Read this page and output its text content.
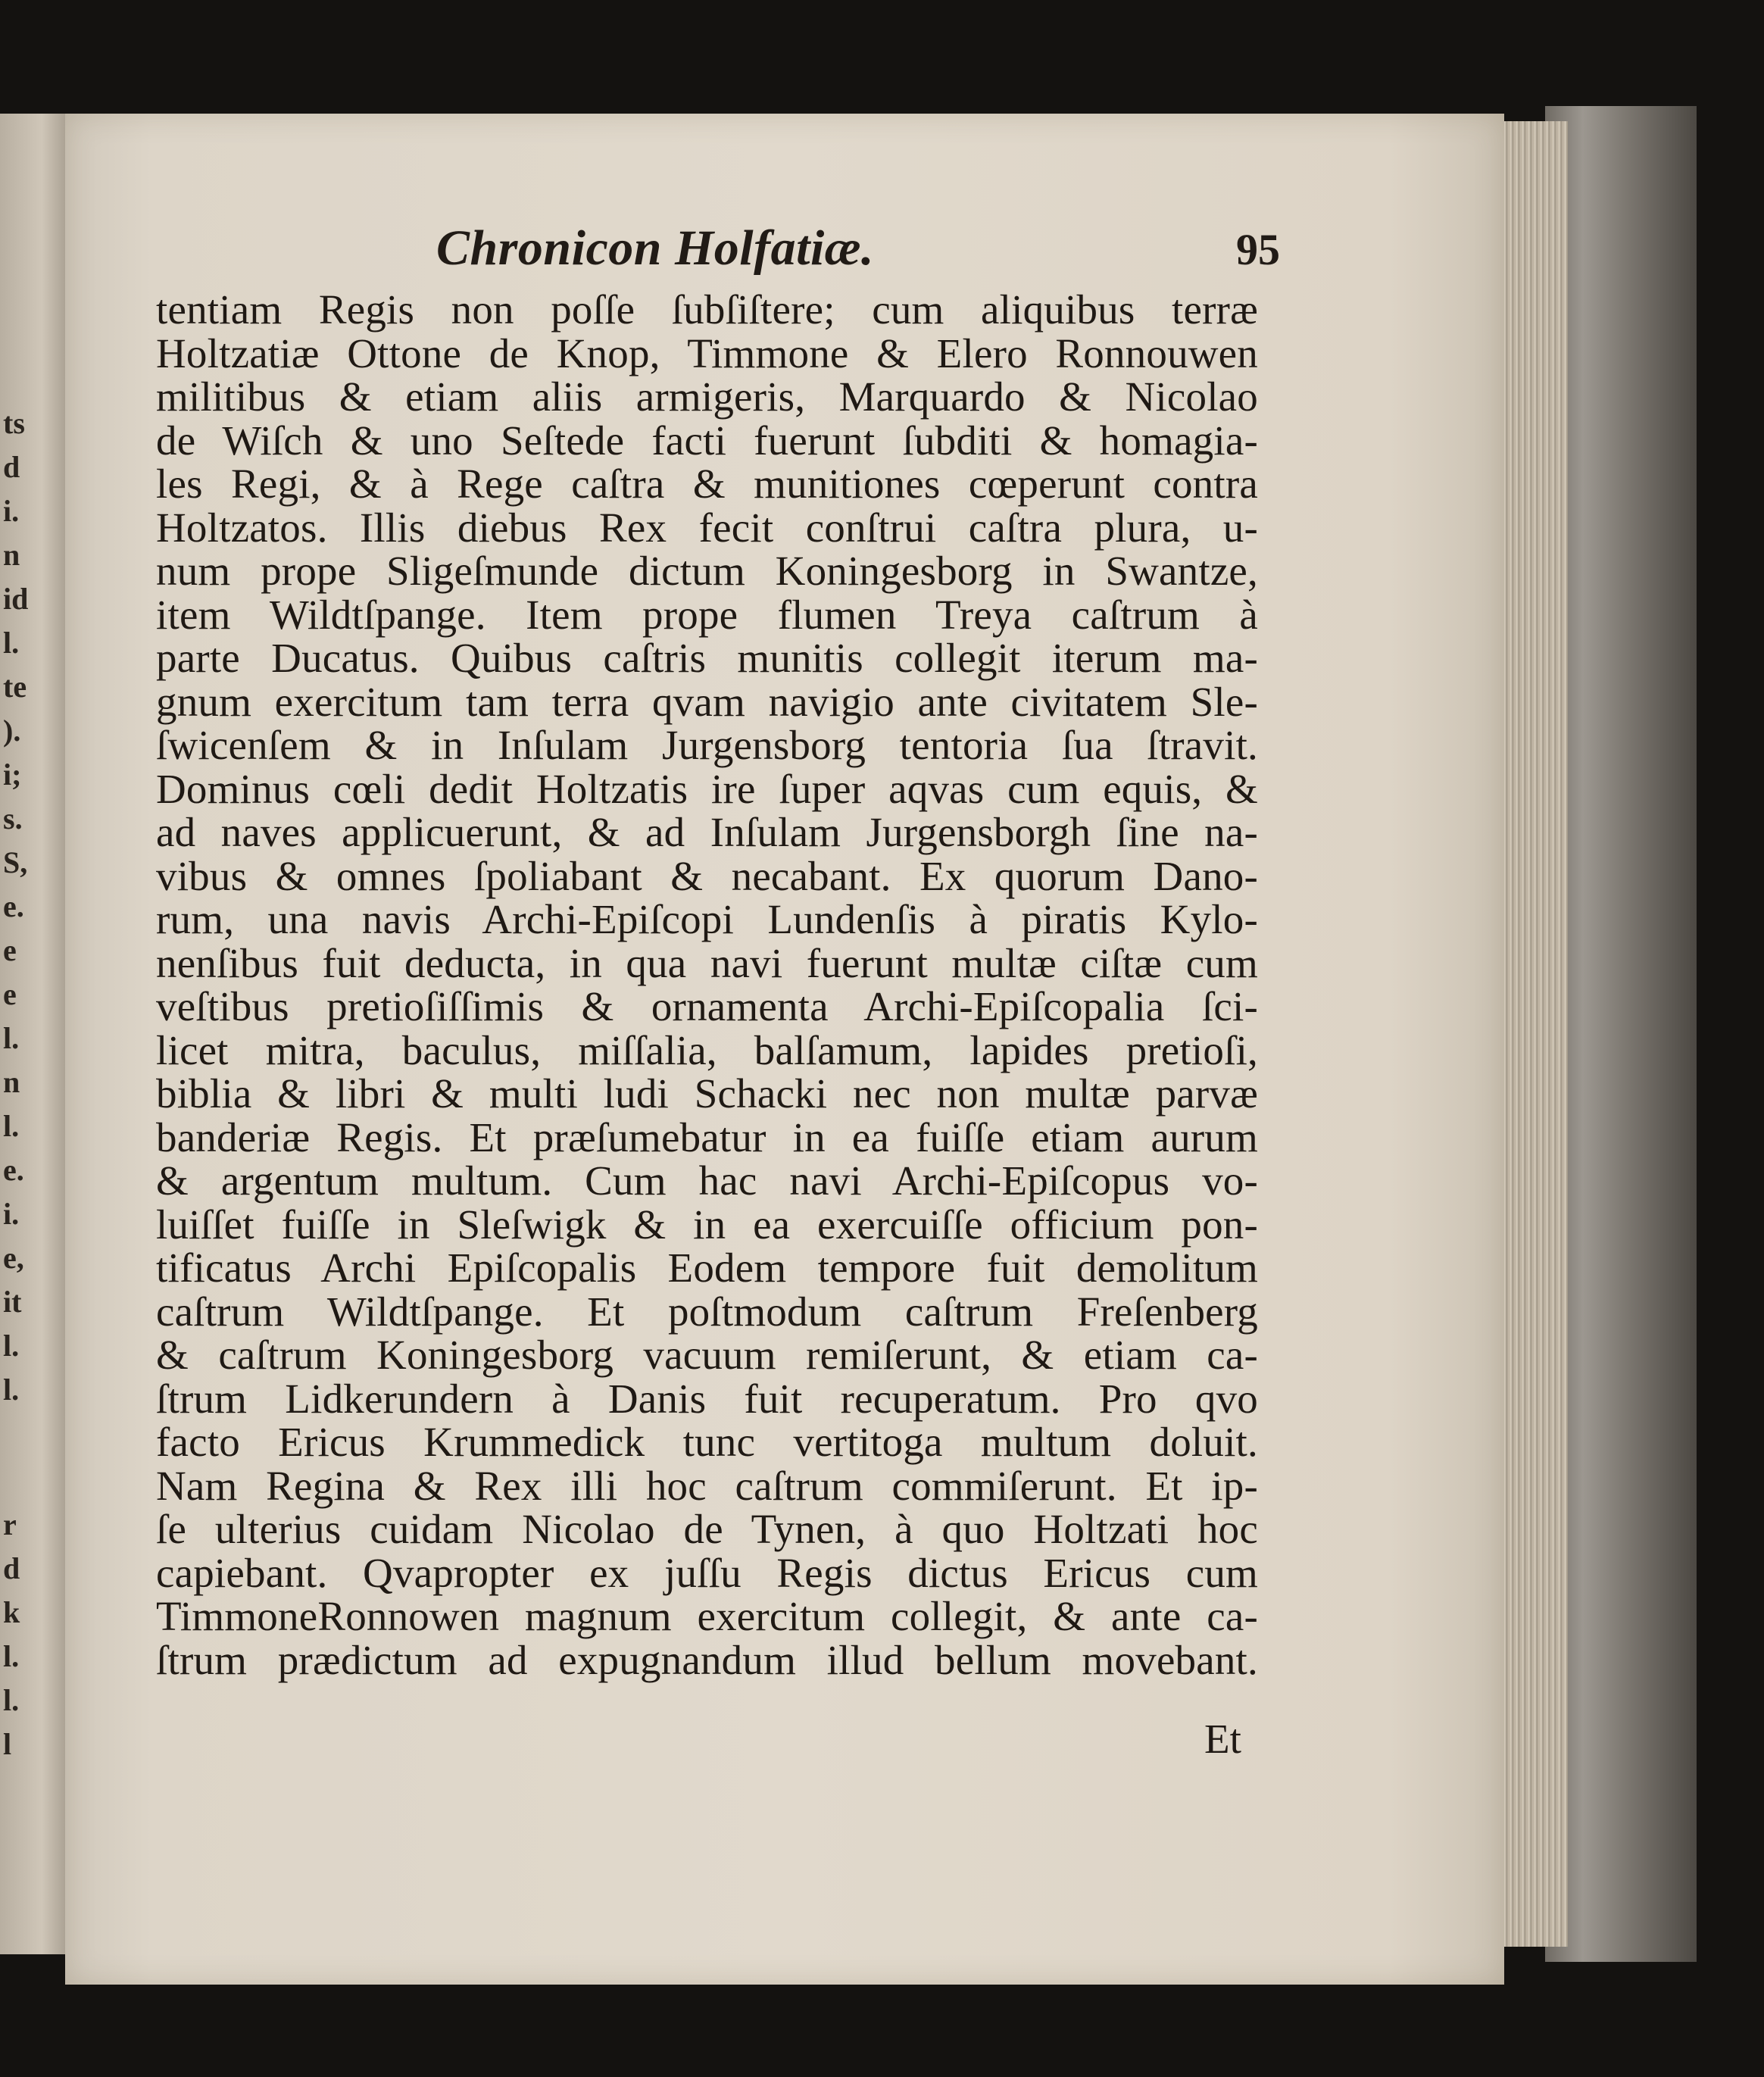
ts
d
i.
n
id
l.
te
).
i;
s.
S,
e.
e
e
l.
n
l.
e.
i.
e,
it
l.
l.
r
d
k
l.
l.
l
Chronicon Holfatiæ.	95
tentiam Regis non poſſe ſubſiſtere; cum aliquibus terræ
Holtzatiæ Ottone de Knop, Timmone & Elero Ronnouwen
militibus & etiam aliis armigeris, Marquardo & Nicolao
de Wiſch & uno Seſtede facti fuerunt ſubditi & homagia-
les Regi, & à Rege caſtra & munitiones cœperunt contra
Holtzatos. Illis diebus Rex fecit conſtrui caſtra plura, u-
num prope Sligeſmunde dictum Koningesborg in Swantze,
item Wildtſpange. Item prope flumen Treya caſtrum à
parte Ducatus. Quibus caſtris munitis collegit iterum ma-
gnum exercitum tam terra qvam navigio ante civitatem Sle-
ſwicenſem & in Inſulam Jurgensborg tentoria ſua ſtravit.
Dominus cœli dedit Holtzatis ire ſuper aqvas cum equis, &
ad naves applicuerunt, & ad Inſulam Jurgensborgh ſine na-
vibus & omnes ſpoliabant & necabant. Ex quorum Dano-
rum, una navis Archi-Epiſcopi Lundenſis à piratis Kylo-
nenſibus fuit deducta, in qua navi fuerunt multæ ciſtæ cum
veſtibus pretioſiſſimis & ornamenta Archi-Epiſcopalia ſci-
licet mitra, baculus, miſſalia, balſamum, lapides pretioſi,
biblia & libri & multi ludi Schacki nec non multæ parvæ
banderiæ Regis. Et præſumebatur in ea fuiſſe etiam aurum
& argentum multum. Cum hac navi Archi-Epiſcopus vo-
luiſſet fuiſſe in Sleſwigk & in ea exercuiſſe officium pon-
tificatus Archi Epiſcopalis Eodem tempore fuit demolitum
caſtrum Wildtſpange. Et poſtmodum caſtrum Freſenberg
& caſtrum Koningesborg vacuum remiſerunt, & etiam ca-
ſtrum Lidkerundern à Danis fuit recuperatum. Pro qvo
facto Ericus Krummedick tunc vertitoga multum doluit.
Nam Regina & Rex illi hoc caſtrum commiſerunt. Et ip-
ſe ulterius cuidam Nicolao de Tynen, à quo Holtzati hoc
capiebant. Qvapropter ex juſſu Regis dictus Ericus cum
TimmoneRonnowen magnum exercitum collegit, & ante ca-
ſtrum prædictum ad expugnandum illud bellum movebant.
Et
